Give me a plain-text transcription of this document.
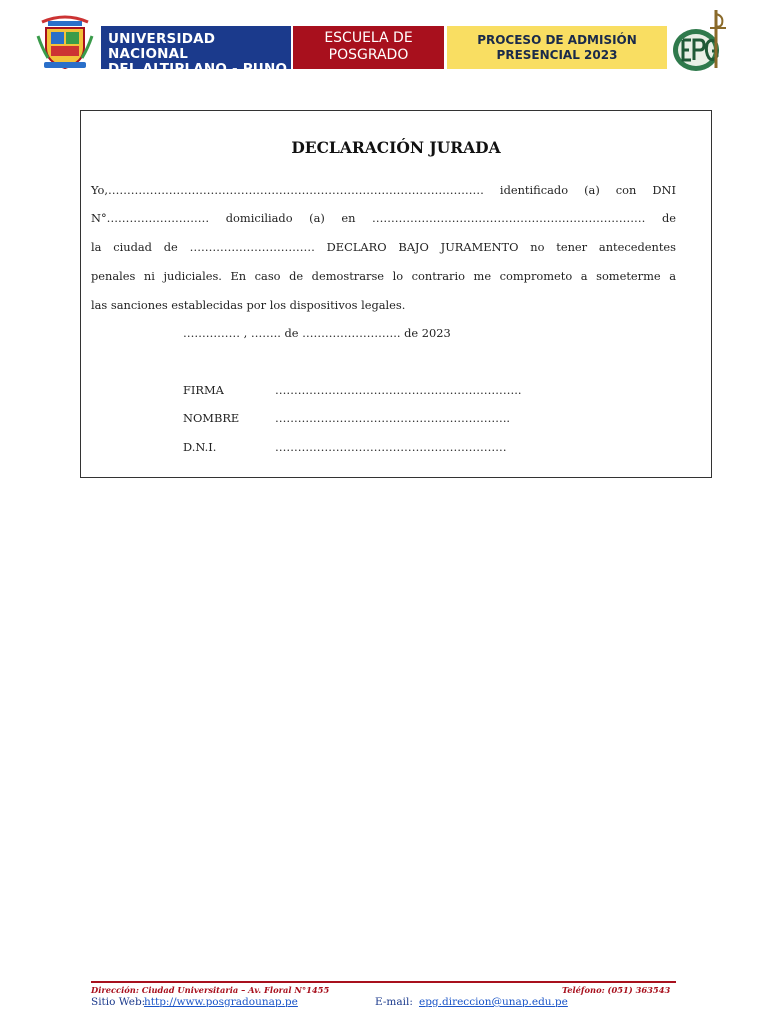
UNIVERSIDAD NACIONAL
DEL ALTIPLANO - PUNO
ESCUELA DE
POSGRADO
PROCESO DE ADMISIÓN
PRESENCIAL 2023
DECLARACIÓN JURADA
Yo,……………………………………………………………………………………… identificado (a) con DNI
N°……………………… domiciliado (a) en ……………………………………………………………… de
la ciudad de …………………………… DECLARO BAJO JURAMENTO no tener antecedentes
penales ni judiciales. En caso de demostrarse lo contrario me comprometo a someterme a
las sanciones establecidas por los dispositivos legales.
…………… , …….. de …………………….. de 2023
FIRMA	………………………………………………………..
NOMBRE	……………………………………………………..
D.N.I.	…………………………………………………….
Dirección: Ciudad Universitaria – Av. Floral N°1455	Teléfono: (051) 363543
Sitio Web:
http://www.posgradounap.pe	E-mail: epg.direccion@unap.edu.pe
